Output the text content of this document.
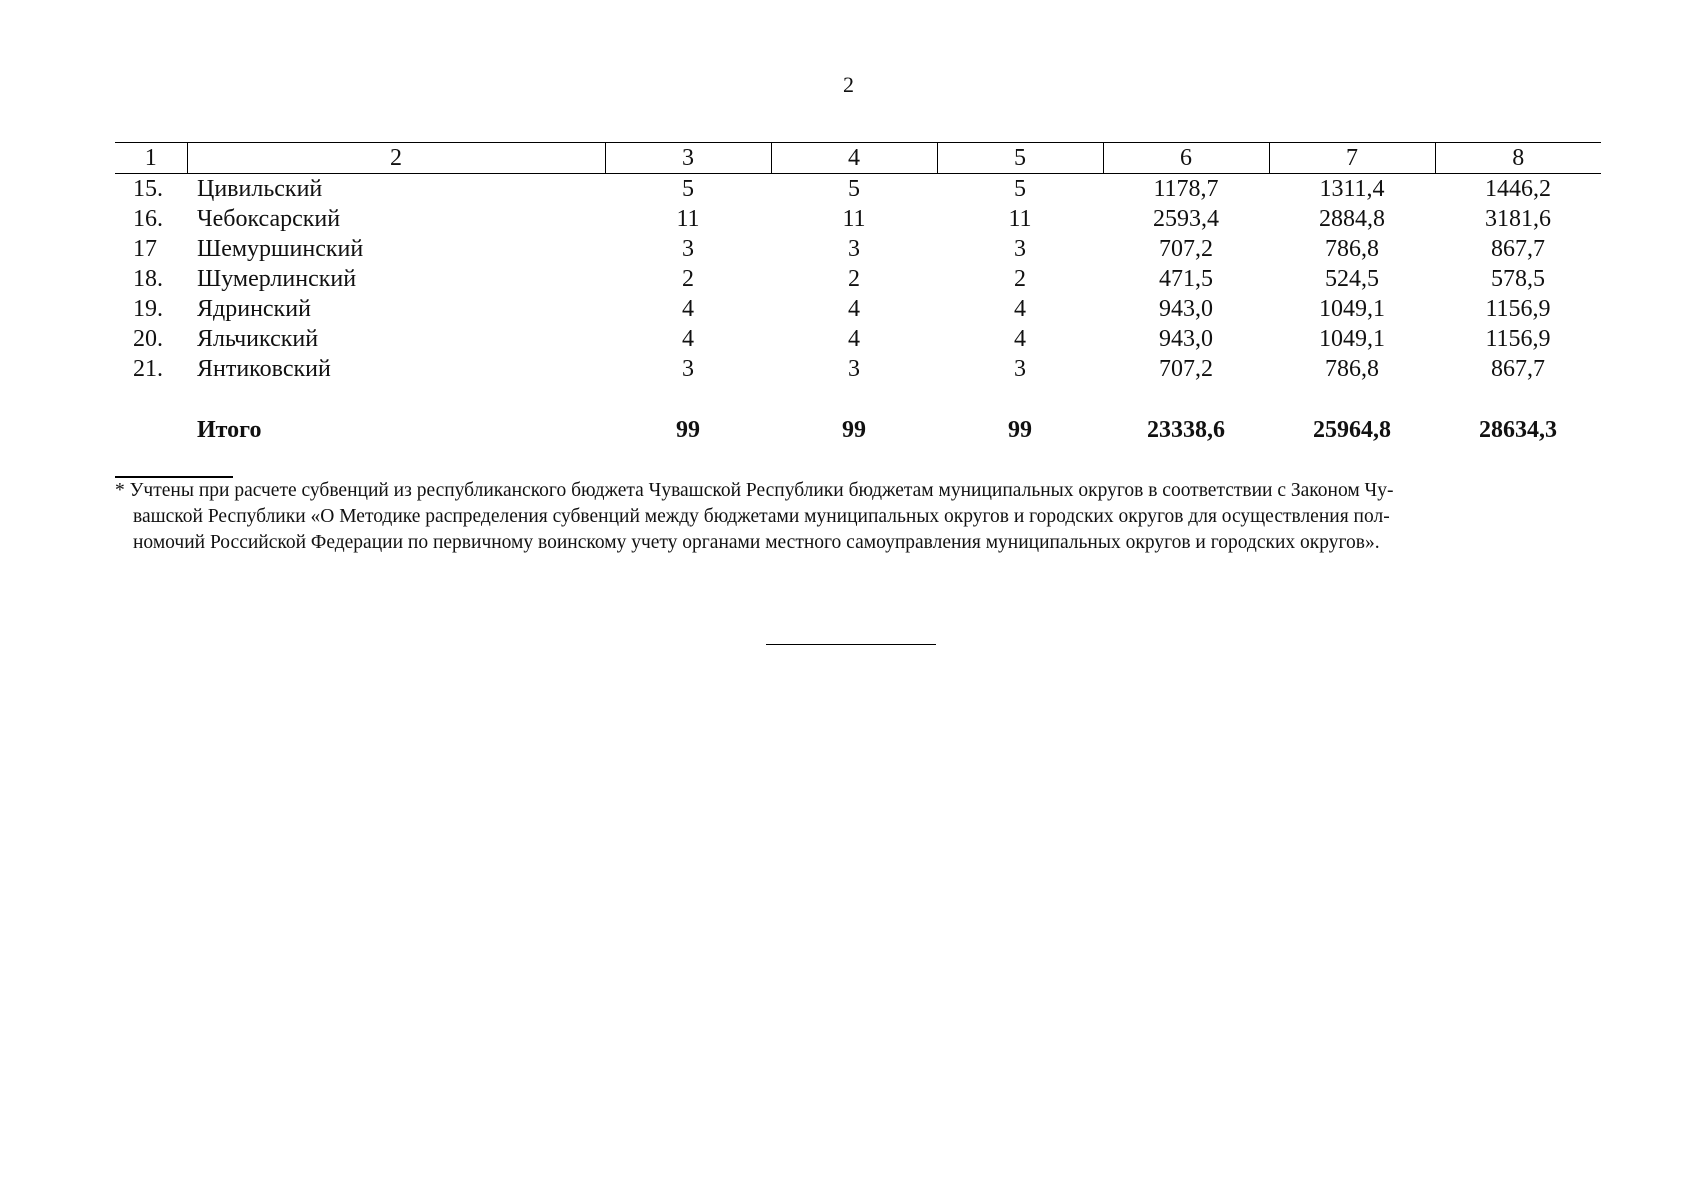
2
1	2	3	4	5	6	7	8
15.	Цивильский	5	5	5	1178,7	1311,4	1446,2
16.	Чебоксарский	11	11	11	2593,4	2884,8	3181,6
17	Шемуршинский	3	3	3	707,2	786,8	867,7
18.	Шумерлинский	2	2	2	471,5	524,5	578,5
19.	Ядринский	4	4	4	943,0	1049,1	1156,9
20.	Яльчикский	4	4	4	943,0	1049,1	1156,9
21.	Янтиковский	3	3	3	707,2	786,8	867,7

	Итого	99	99	99	23338,6	25964,8	28634,3
* Учтены при расчете субвенций из республиканского бюджета Чувашской Республики бюджетам муниципальных округов в соответствии с Законом Чу-
вашской Республики «О Методике распределения субвенций между бюджетами муниципальных округов и городских округов для осуществления пол-
номочий Российской Федерации по первичному воинскому учету органами местного самоуправления муниципальных округов и городских округов».
